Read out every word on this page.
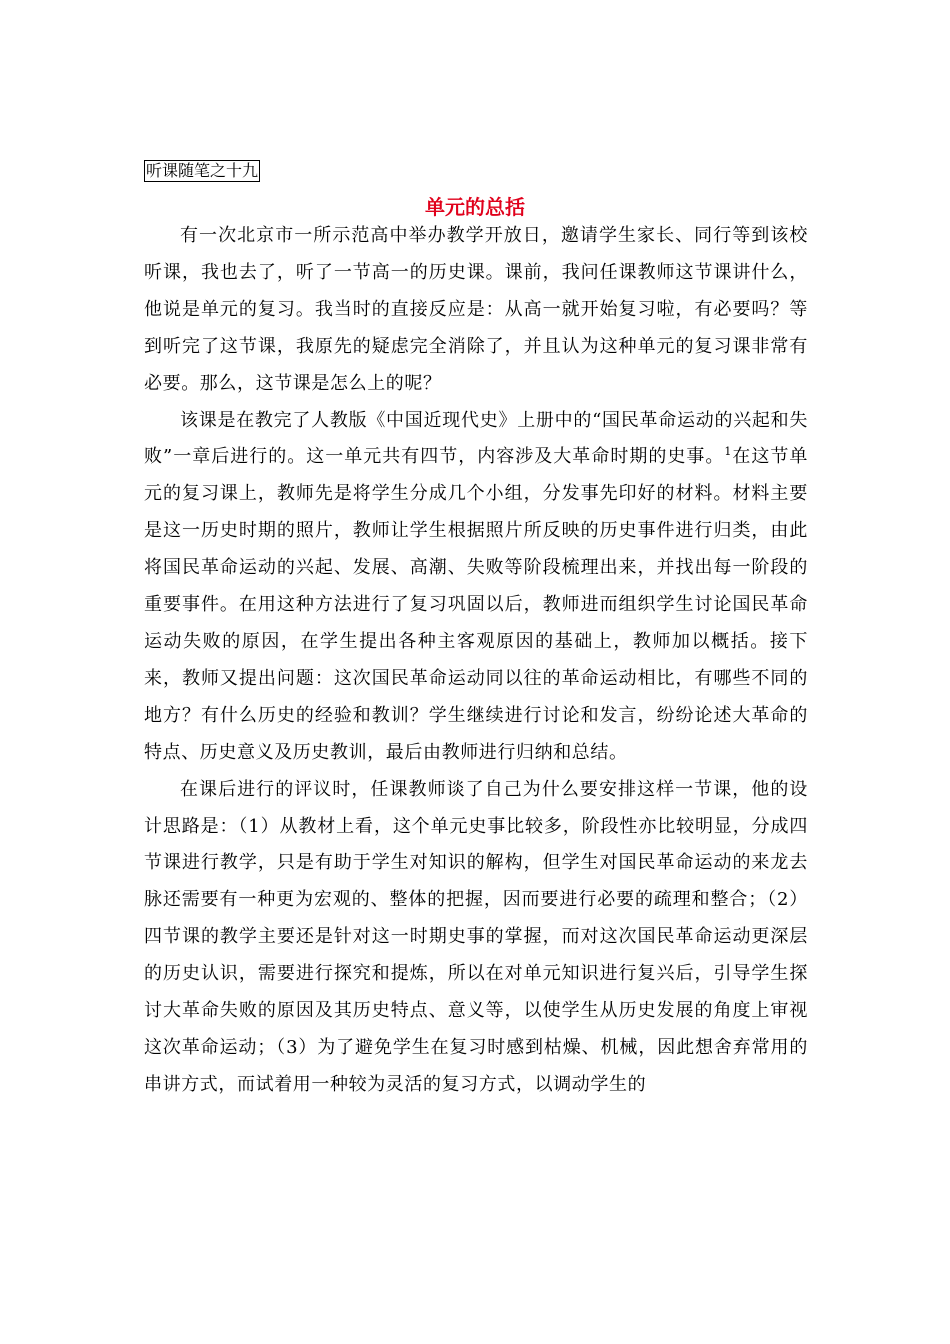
听课随笔之十九
单元的总括

有一次北京市一所示范高中举办教学开放日，邀请学生家长、同行等到该校听课，我也去了，听了一节高一的历史课。课前，我问任课教师这节课讲什么，他说是单元的复习。我当时的直接反应是：从高一就开始复习啦，有必要吗？等到听完了这节课，我原先的疑虑完全消除了，并且认为这种单元的复习课非常有必要。那么，这节课是怎么上的呢？

该课是在教完了人教版《中国近现代史》上册中的“国民革命运动的兴起和失败”一章后进行的。这一单元共有四节，内容涉及大革命时期的史事。$^1$在这节单元的复习课上，教师先是将学生分成几个小组，分发事先印好的材料。材料主要是这一历史时期的照片，教师让学生根据照片所反映的历史事件进行归类，由此将国民革命运动的兴起、发展、高潮、失败等阶段梳理出来，并找出每一阶段的重要事件。在用这种方法进行了复习巩固以后，教师进而组织学生讨论国民革命运动失败的原因，在学生提出各种主客观原因的基础上，教师加以概括。接下来，教师又提出问题：这次国民革命运动同以往的革命运动相比，有哪些不同的地方？有什么历史的经验和教训？学生继续进行讨论和发言，纷纷论述大革命的特点、历史意义及历史教训，最后由教师进行归纳和总结。

在课后进行的评议时，任课教师谈了自己为什么要安排这样一节课，他的设计思路是：（1）从教材上看，这个单元史事比较多，阶段性亦比较明显，分成四节课进行教学，只是有助于学生对知识的解构，但学生对国民革命运动的来龙去脉还需要有一种更为宏观的、整体的把握，因而要进行必要的疏理和整合；（2）四节课的教学主要还是针对这一时期史事的掌握，而对这次国民革命运动更深层的历史认识，需要进行探究和提炼，所以在对单元知识进行复兴后，引导学生探讨大革命失败的原因及其历史特点、意义等，以使学生从历史发展的角度上审视这次革命运动；（3）为了避免学生在复习时感到枯燥、机械，因此想舍弃常用的串讲方式，而试着用一种较为灵活的复习方式，以调动学生的
